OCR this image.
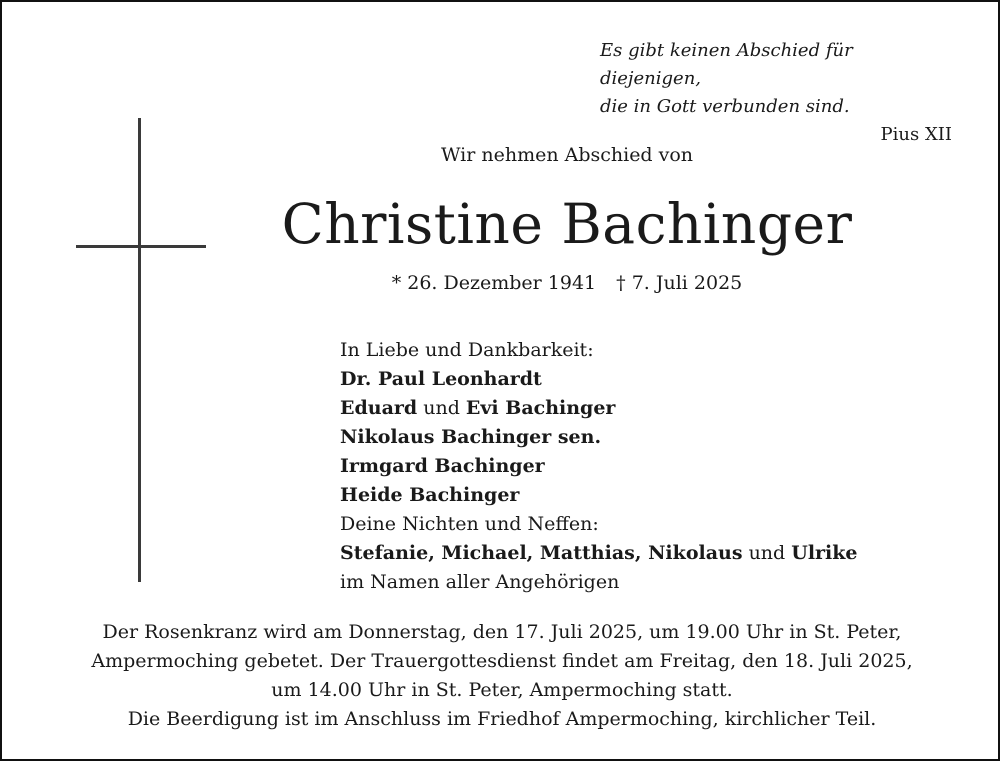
Es gibt keinen Abschied für diejenigen,
die in Gott verbunden sind.
Pius XII
Wir nehmen Abschied von
Christine Bachinger
* 26. Dezember 1941 † 7. Juli 2025
In Liebe und Dankbarkeit:
Dr. Paul Leonhardt
Eduard und Evi Bachinger
Nikolaus Bachinger sen.
Irmgard Bachinger
Heide Bachinger
Deine Nichten und Neffen:
Stefanie, Michael, Matthias, Nikolaus und Ulrike
im Namen aller Angehörigen
Der Rosenkranz wird am Donnerstag, den 17. Juli 2025, um 19.00 Uhr in St. Peter,
Ampermoching gebetet. Der Trauergottesdienst findet am Freitag, den 18. Juli 2025,
um 14.00 Uhr in St. Peter, Ampermoching statt.
Die Beerdigung ist im Anschluss im Friedhof Ampermoching, kirchlicher Teil.
